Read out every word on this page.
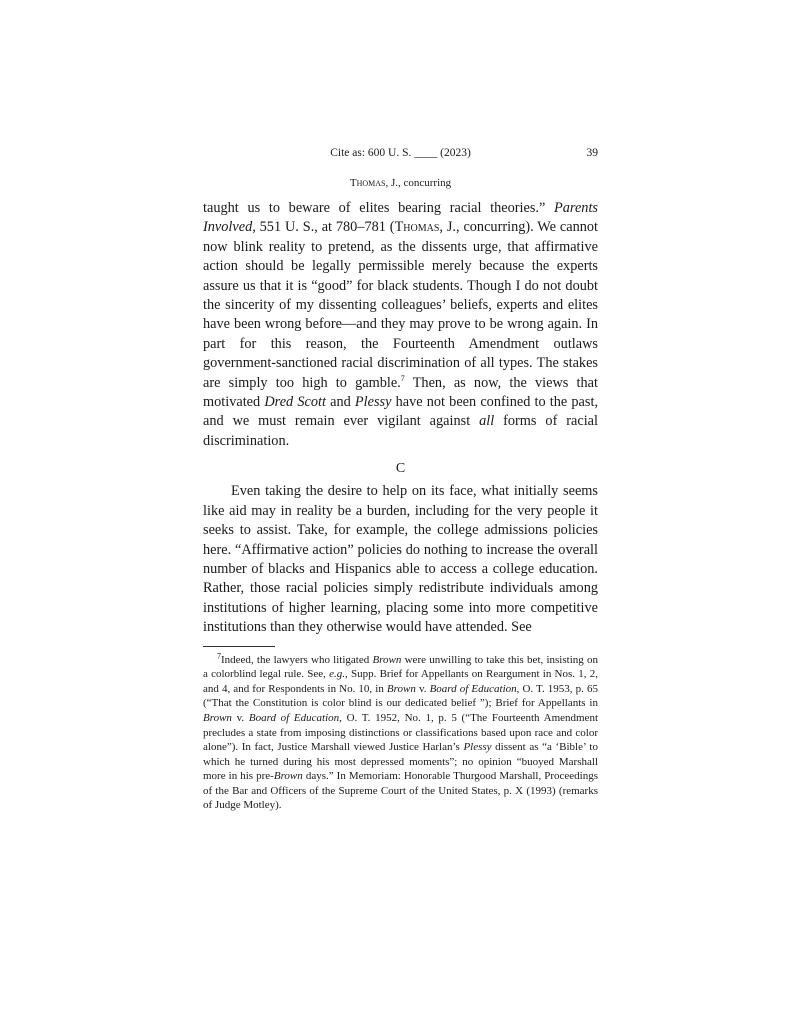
Cite as: 600 U. S. ____ (2023)	39
Thomas, J., concurring

taught us to beware of elites bearing racial theories.” Parents Involved, 551 U. S., at 780–781 (Thomas, J., concurring). We cannot now blink reality to pretend, as the dissents urge, that affirmative action should be legally permissible merely because the experts assure us that it is “good” for black students. Though I do not doubt the sincerity of my dissenting colleagues’ beliefs, experts and elites have been wrong before—and they may prove to be wrong again. In part for this reason, the Fourteenth Amendment outlaws government-sanctioned racial discrimination of all types. The stakes are simply too high to gamble.$^7$ Then, as now, the views that motivated Dred Scott and Plessy have not been confined to the past, and we must remain ever vigilant against all forms of racial discrimination.

C

Even taking the desire to help on its face, what initially seems like aid may in reality be a burden, including for the very people it seeks to assist. Take, for example, the college admissions policies here. “Affirmative action” policies do nothing to increase the overall number of blacks and Hispanics able to access a college education. Rather, those racial policies simply redistribute individuals among institutions of higher learning, placing some into more competitive institutions than they otherwise would have attended. See

$^7$Indeed, the lawyers who litigated Brown were unwilling to take this bet, insisting on a colorblind legal rule. See, e.g., Supp. Brief for Appellants on Reargument in Nos. 1, 2, and 4, and for Respondents in No. 10, in Brown v. Board of Education, O. T. 1953, p. 65 (“That the Constitution is color blind is our dedicated belief ”); Brief for Appellants in Brown v. Board of Education, O. T. 1952, No. 1, p. 5 (“The Fourteenth Amendment precludes a state from imposing distinctions or classifications based upon race and color alone”). In fact, Justice Marshall viewed Justice Harlan’s Plessy dissent as “a ‘Bible’ to which he turned during his most depressed moments”; no opinion “buoyed Marshall more in his pre-Brown days.” In Memoriam: Honorable Thurgood Marshall, Proceedings of the Bar and Officers of the Supreme Court of the United States, p. X (1993) (remarks of Judge Motley).
